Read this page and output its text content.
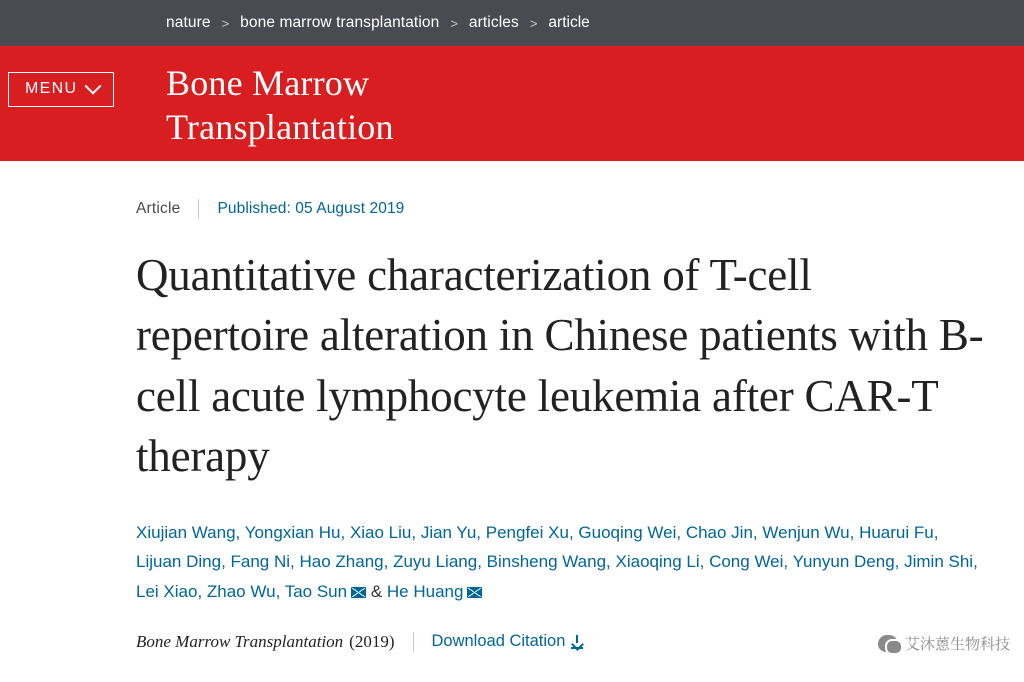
nature > bone marrow transplantation > articles > article
MENU Bone Marrow
Transplantation
Article Published: 05 August 2019
Quantitative characterization of T-cell repertoire alteration in Chinese patients with B-cell acute lymphocyte leukemia after CAR-T therapy
Xiujian Wang, Yongxian Hu, Xiao Liu, Jian Yu, Pengfei Xu, Guoqing Wei, Chao Jin, Wenjun Wu, Huarui Fu, Lijuan Ding, Fang Ni, Hao Zhang, Zuyu Liang, Binsheng Wang, Xiaoqing Li, Cong Wei, Yunyun Deng, Jimin Shi, Lei Xiao, Zhao Wu, Tao Sun & He Huang
Bone Marrow Transplantation (2019) Download Citation	艾沐蒽生物科技
